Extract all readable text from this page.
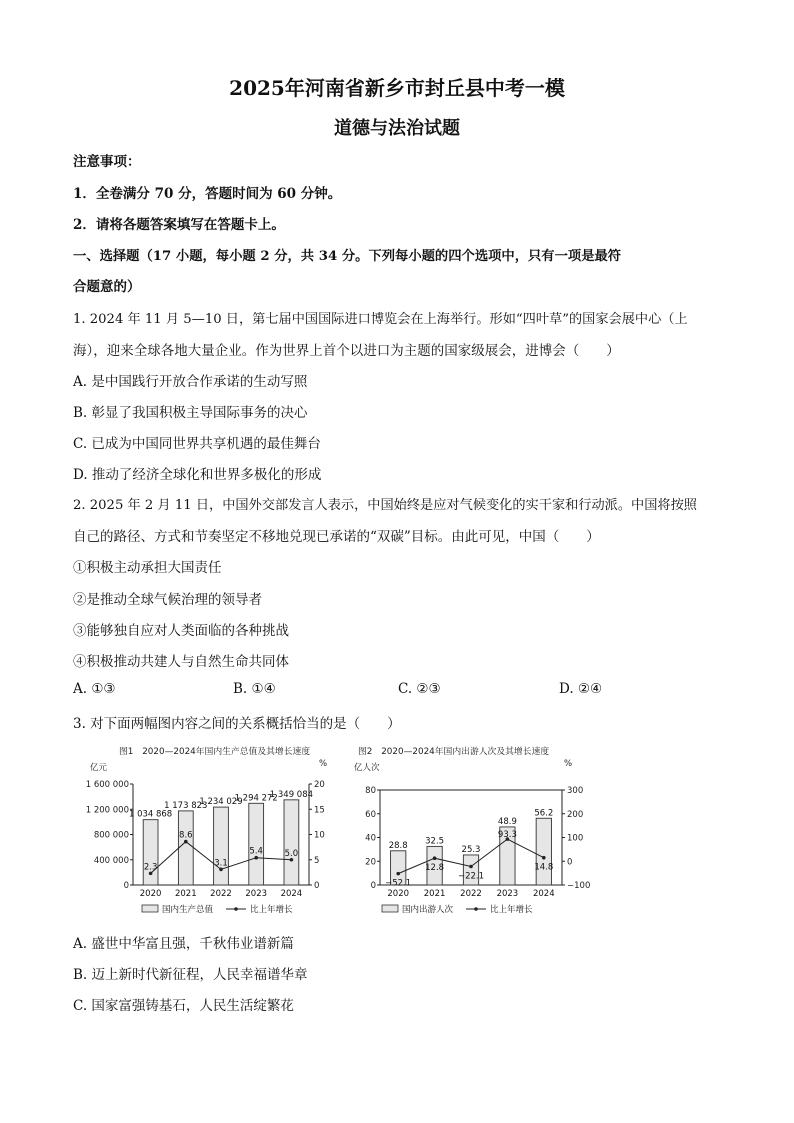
2025年河南省新乡市封丘县中考一模
道德与法治试题
注意事项：
1．全卷满分 70 分，答题时间为 60 分钟。
2．请将各题答案填写在答题卡上。
一、选择题（17 小题，每小题 2 分，共 34 分。下列每小题的四个选项中，只有一项是最符
合题意的）
1. 2024 年 11 月 5—10 日，第七届中国国际进口博览会在上海举行。形如“四叶草”的国家会展中心（上
海），迎来全球各地大量企业。作为世界上首个以进口为主题的国家级展会，进博会（　　）
A. 是中国践行开放合作承诺的生动写照
B. 彰显了我国积极主导国际事务的决心
C. 已成为中国同世界共享机遇的最佳舞台
D. 推动了经济全球化和世界多极化的形成
2. 2025 年 2 月 11 日，中国外交部发言人表示，中国始终是应对气候变化的实干家和行动派。中国将按照
自己的路径、方式和节奏坚定不移地兑现已承诺的“双碳”目标。由此可见，中国（　　）
①积极主动承担大国责任
②是推动全球气候治理的领导者
③能够独自应对人类面临的各种挑战
④积极推动共建人与自然生命共同体
A. ①③	B. ①④	C. ②③	D. ②④
3. 对下面两幅图内容之间的关系概括恰当的是（　　）
图1　2020—2024年国内生产总值及其增长速度
亿元	%
1 600 000
1 200 000
800 000
400 000
0
20
15
10
5
0
1 034 868
1 173 823
1 234 029
1 294 272
1 349 084
2.3
8.6
3.1
5.4	5.0
2020 2021 2022 2023 2024
国内生产总值	比上年增长
图2　2020—2024年国内出游人次及其增长速度
亿人次	%
80
60
40
20
0
300
200
100
0
−100
28.8 32.5
25.3
48.9
56.2
−52.1
12.8
−22.1
93.3
14.8
2020 2021 2022 2023 2024
国内出游人次	比上年增长
A. 盛世中华富且强，千秋伟业谱新篇
B. 迈上新时代新征程，人民幸福谱华章
C. 国家富强铸基石，人民生活绽繁花
